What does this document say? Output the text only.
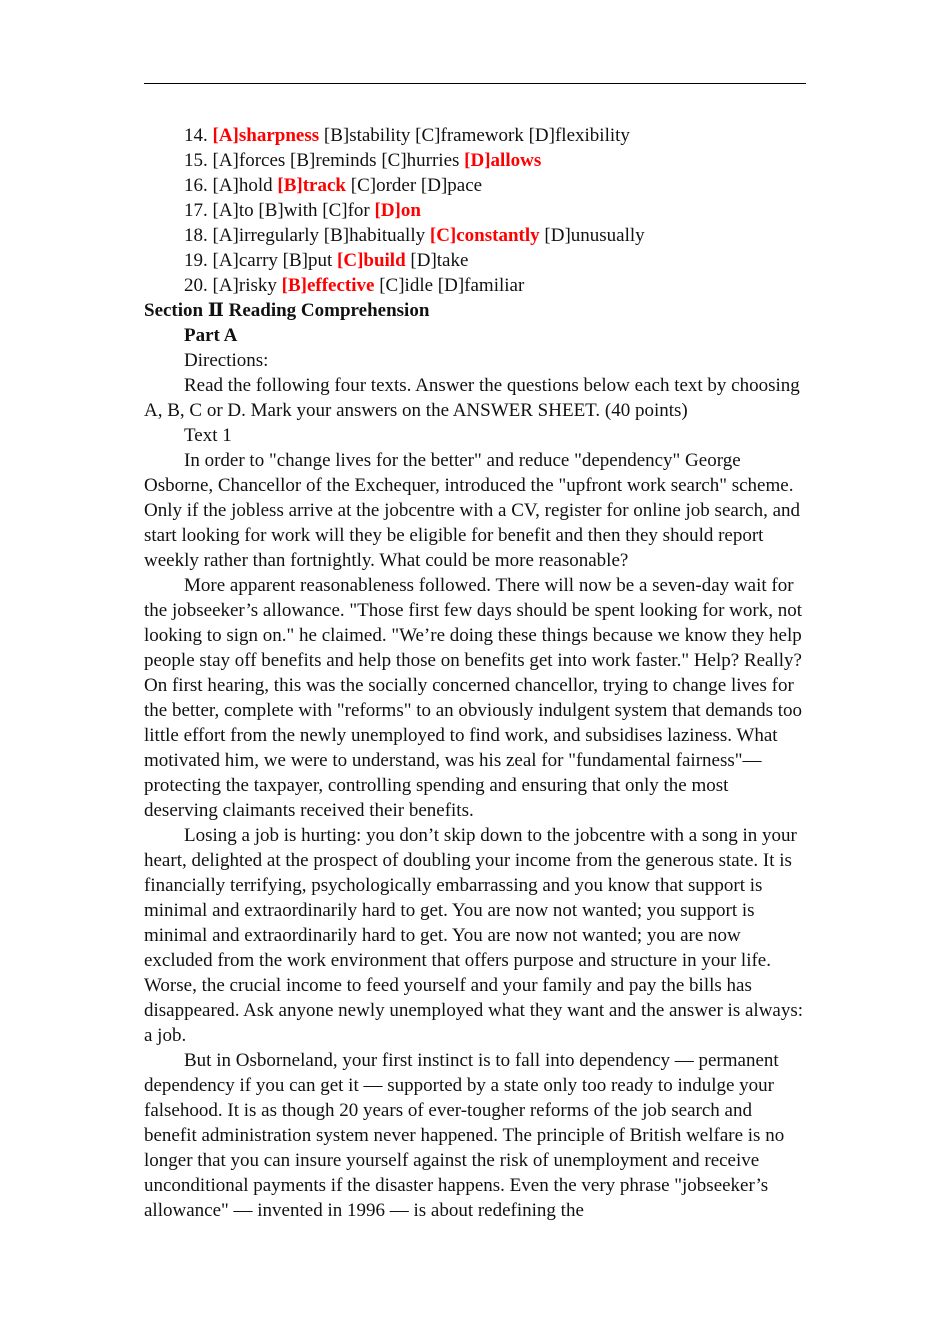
14. [A]sharpness [B]stability [C]framework [D]flexibility
15. [A]forces [B]reminds [C]hurries [D]allows
16. [A]hold [B]track [C]order [D]pace
17. [A]to [B]with [C]for [D]on
18. [A]irregularly [B]habitually [C]constantly [D]unusually
19. [A]carry [B]put [C]build [D]take
20. [A]risky [B]effective [C]idle [D]familiar
Section Ⅱ Reading Comprehension
Part A
Directions:

Read the following four texts. Answer the questions below each text by choosing A, B, C or D. Mark your answers on the ANSWER SHEET. (40 points)

Text 1

In order to "change lives for the better" and reduce "dependency" George Osborne, Chancellor of the Exchequer, introduced the "upfront work search" scheme. Only if the jobless arrive at the jobcentre with a CV, register for online job search, and start looking for work will they be eligible for benefit and then they should report weekly rather than fortnightly. What could be more reasonable?

More apparent reasonableness followed. There will now be a seven-day wait for the jobseeker’s allowance. "Those first few days should be spent looking for work, not looking to sign on." he claimed. "We’re doing these things because we know they help people stay off benefits and help those on benefits get into work faster." Help? Really? On first hearing, this was the socially concerned chancellor, trying to change lives for the better, complete with "reforms" to an obviously indulgent system that demands too little effort from the newly unemployed to find work, and subsidises laziness. What motivated him, we were to understand, was his zeal for "fundamental fairness"— protecting the taxpayer, controlling spending and ensuring that only the most deserving claimants received their benefits.

Losing a job is hurting: you don’t skip down to the jobcentre with a song in your heart, delighted at the prospect of doubling your income from the generous state. It is financially terrifying, psychologically embarrassing and you know that support is minimal and extraordinarily hard to get. You are now not wanted; you support is minimal and extraordinarily hard to get. You are now not wanted; you are now excluded from the work environment that offers purpose and structure in your life. Worse, the crucial income to feed yourself and your family and pay the bills has disappeared. Ask anyone newly unemployed what they want and the answer is always: a job.

But in Osborneland, your first instinct is to fall into dependency — permanent dependency if you can get it — supported by a state only too ready to indulge your falsehood. It is as though 20 years of ever-tougher reforms of the job search and benefit administration system never happened. The principle of British welfare is no longer that you can insure yourself against the risk of unemployment and receive unconditional payments if the disaster happens. Even the very phrase "jobseeker’s allowance" — invented in 1996 — is about redefining the
